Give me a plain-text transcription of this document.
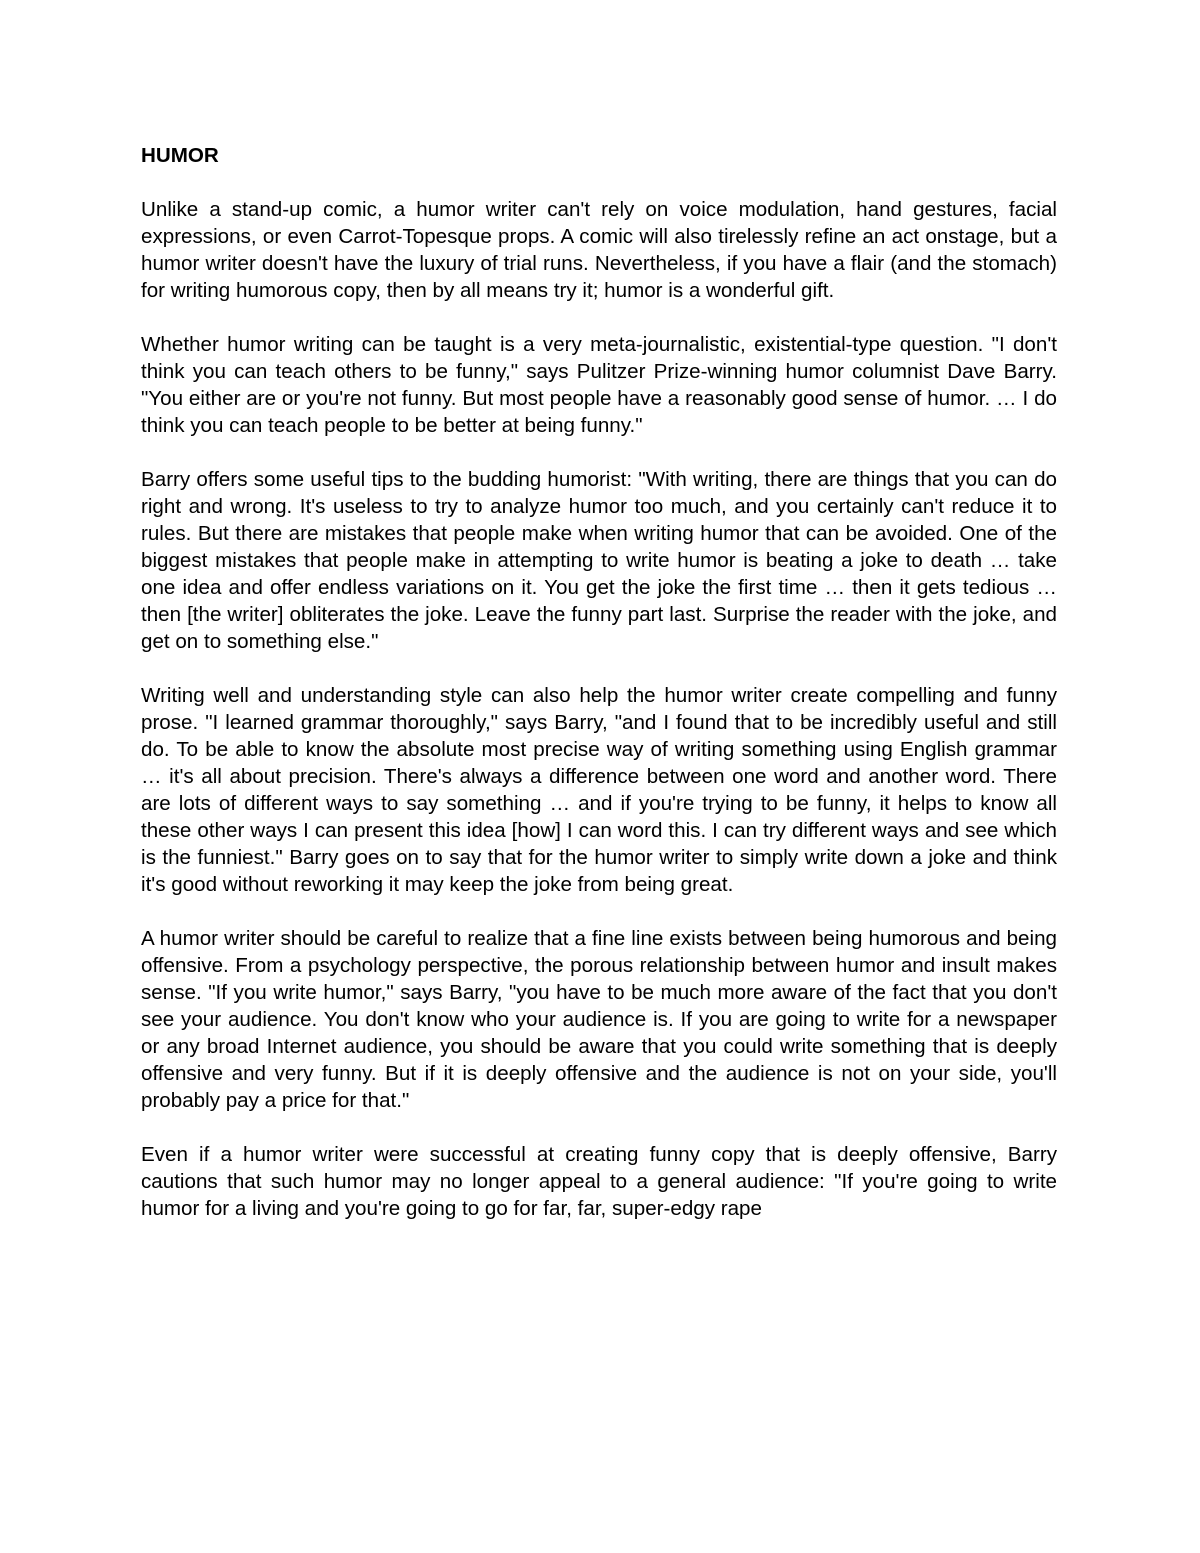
HUMOR

Unlike a stand-up comic, a humor writer can't rely on voice modulation, hand gestures, facial expressions, or even Carrot-Topesque props. A comic will also tirelessly refine an act onstage, but a humor writer doesn't have the luxury of trial runs. Nevertheless, if you have a flair (and the stomach) for writing humorous copy, then by all means try it; humor is a wonderful gift.

Whether humor writing can be taught is a very meta-journalistic, existential-type question. "I don't think you can teach others to be funny," says Pulitzer Prize-winning humor columnist Dave Barry. "You either are or you're not funny. But most people have a reasonably good sense of humor. … I do think you can teach people to be better at being funny."

Barry offers some useful tips to the budding humorist: "With writing, there are things that you can do right and wrong. It's useless to try to analyze humor too much, and you certainly can't reduce it to rules. But there are mistakes that people make when writing humor that can be avoided. One of the biggest mistakes that people make in attempting to write humor is beating a joke to death … take one idea and offer endless variations on it. You get the joke the first time … then it gets tedious … then [the writer] obliterates the joke. Leave the funny part last. Surprise the reader with the joke, and get on to something else."

Writing well and understanding style can also help the humor writer create compelling and funny prose. "I learned grammar thoroughly," says Barry, "and I found that to be incredibly useful and still do. To be able to know the absolute most precise way of writing something using English grammar … it's all about precision. There's always a difference between one word and another word. There are lots of different ways to say something … and if you're trying to be funny, it helps to know all these other ways I can present this idea [how] I can word this. I can try different ways and see which is the funniest." Barry goes on to say that for the humor writer to simply write down a joke and think it's good without reworking it may keep the joke from being great.

A humor writer should be careful to realize that a fine line exists between being humorous and being offensive. From a psychology perspective, the porous relationship between humor and insult makes sense. "If you write humor," says Barry, "you have to be much more aware of the fact that you don't see your audience. You don't know who your audience is. If you are going to write for a newspaper or any broad Internet audience, you should be aware that you could write something that is deeply offensive and very funny. But if it is deeply offensive and the audience is not on your side, you'll probably pay a price for that."

Even if a humor writer were successful at creating funny copy that is deeply offensive, Barry cautions that such humor may no longer appeal to a general audience: "If you're going to write humor for a living and you're going to go for far, far, super-edgy rape
